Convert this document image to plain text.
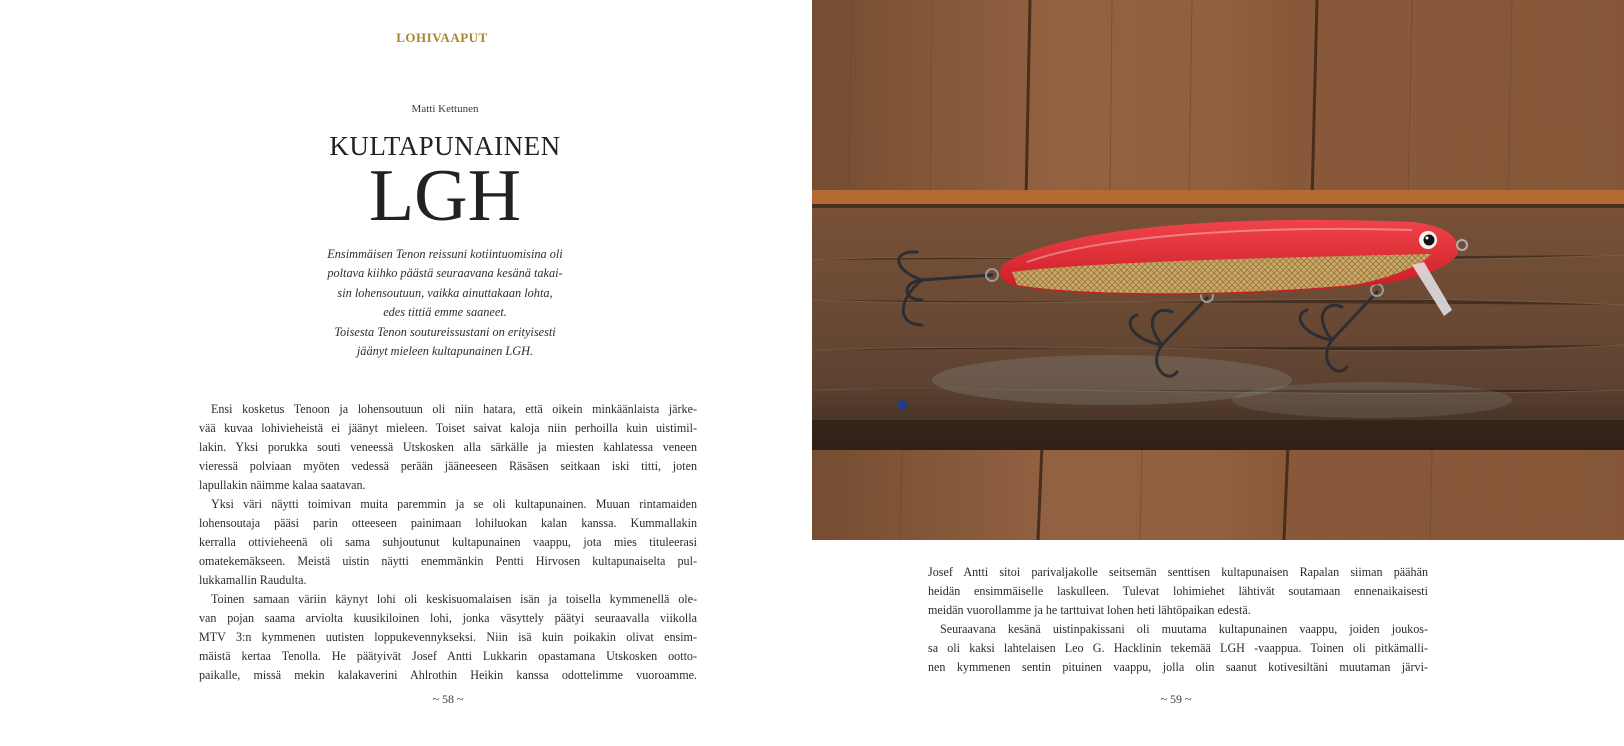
LOHIVAAPUT
Matti Kettunen
KULTAPUNAINEN
LGH
Ensimmäisen Tenon reissuni kotiintuomisina oli
poltava kiihko päästä seuraavana kesänä takai-
sin lohensoutuun, vaikka ainuttakaan lohta,
edes tittiä emme saaneet.
Toisesta Tenon soutureissustani on erityisesti
jäänyt mieleen kultapunainen LGH.
Ensi kosketus Tenoon ja lohensoutuun oli niin hatara, että oikein minkäänlaista järke-
vää kuvaa lohivieheistä ei jäänyt mieleen. Toiset saivat kaloja niin perhoilla kuin uistimil-
lakin. Yksi porukka souti veneessä Utskosken alla särkälle ja miesten kahlatessa veneen
vieressä polviaan myöten vedessä perään jääneeseen Räsäsen seitkaan iski titti, joten
lapullakin näimme kalaa saatavan.
Yksi väri näytti toimivan muita paremmin ja se oli kultapunainen. Muuan rintamaiden
lohensoutaja pääsi parin otteeseen painimaan lohiluokan kalan kanssa. Kummallakin
kerralla ottivieheenä oli sama suhjoutunut kultapunainen vaappu, jota mies tituleerasi
omatekemäkseen. Meistä uistin näytti enemmänkin Pentti Hirvosen kultapunaiselta pul-
lukkamallin Raudulta.
Toinen samaan väriin käynyt lohi oli keskisuomalaisen isän ja toisella kymmenellä ole-
van pojan saama arviolta kuusikiloinen lohi, jonka väsyttely päätyi seuraavalla viikolla
MTV 3:n kymmenen uutisten loppukevennykseksi. Niin isä kuin poikakin olivat ensim-
mäistä kertaa Tenolla. He päätyivät Josef Antti Lukkarin opastamana Utskosken ootto-
paikalle, missä mekin kalakaverini Ahlrothin Heikin kanssa odottelimme vuoroamme.
~ 58 ~
Josef Antti sitoi parivaljakolle seitsemän senttisen kultapunaisen Rapalan siiman päähän
heidän ensimmäiselle laskulleen. Tulevat lohimiehet lähtivät soutamaan ennenaikaisesti
meidän vuorollamme ja he tarttuivat lohen heti lähtöpaikan edestä.
Seuraavana kesänä uistinpakissani oli muutama kultapunainen vaappu, joiden joukos-
sa oli kaksi lahtelaisen Leo G. Hacklinin tekemää LGH -vaappua. Toinen oli pitkämalli-
nen kymmenen sentin pituinen vaappu, jolla olin saanut kotivesiltäni muutaman järvi-
~ 59 ~
